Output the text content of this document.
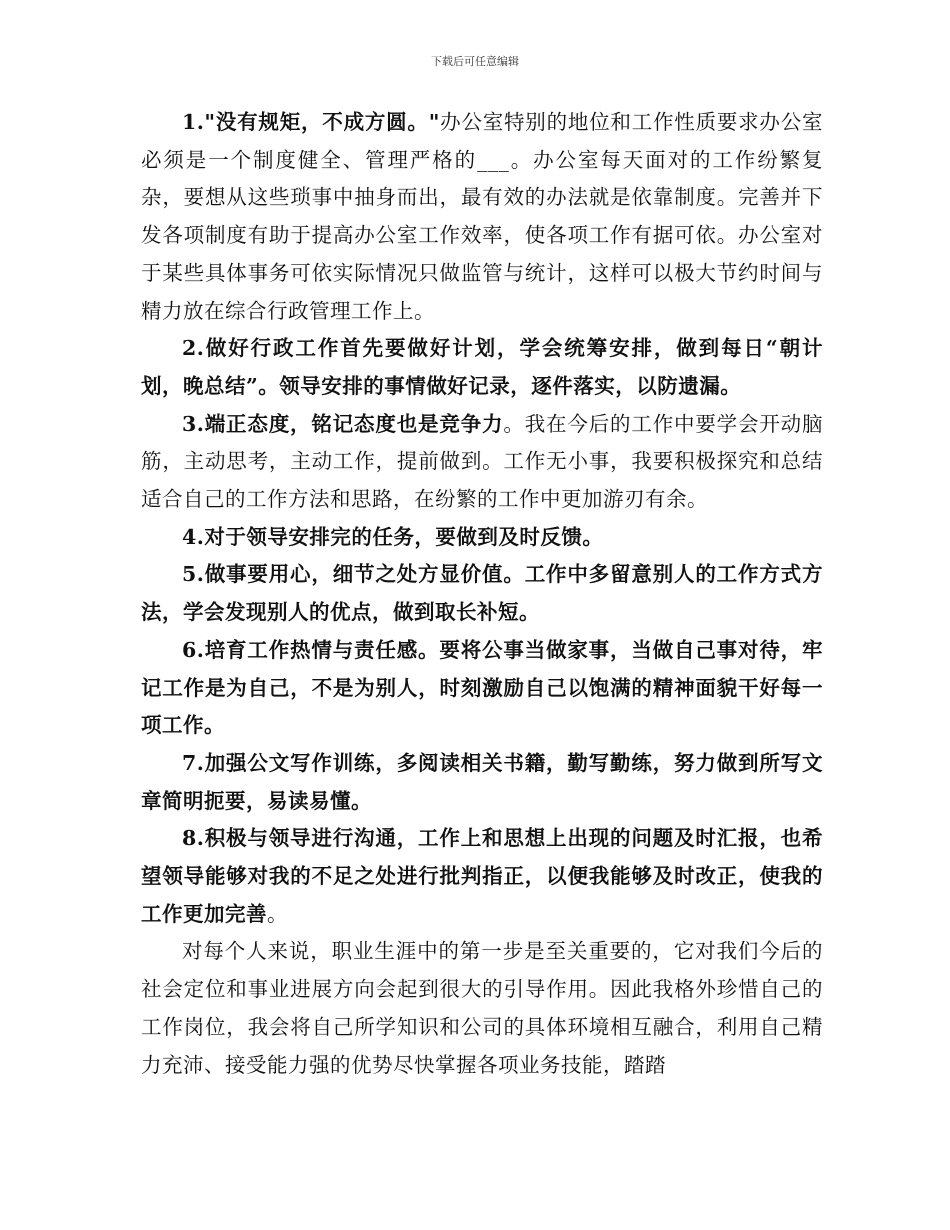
下载后可任意编辑

1."没有规矩，不成方圆。"办公室特别的地位和工作性质要求办公室必须是一个制度健全、管理严格的___。办公室每天面对的工作纷繁复杂，要想从这些琐事中抽身而出，最有效的办法就是依靠制度。完善并下发各项制度有助于提高办公室工作效率，使各项工作有据可依。办公室对于某些具体事务可依实际情况只做监管与统计，这样可以极大节约时间与精力放在综合行政管理工作上。

2.做好行政工作首先要做好计划，学会统筹安排，做到每日“朝计划，晚总结”。领导安排的事情做好记录，逐件落实，以防遗漏。

3.端正态度，铭记态度也是竞争力。我在今后的工作中要学会开动脑筋，主动思考，主动工作，提前做到。工作无小事，我要积极探究和总结适合自己的工作方法和思路，在纷繁的工作中更加游刃有余。

4.对于领导安排完的任务，要做到及时反馈。

5.做事要用心，细节之处方显价值。工作中多留意别人的工作方式方法，学会发现别人的优点，做到取长补短。

6.培育工作热情与责任感。要将公事当做家事，当做自己事对待，牢记工作是为自己，不是为别人，时刻激励自己以饱满的精神面貌干好每一项工作。

7.加强公文写作训练，多阅读相关书籍，勤写勤练，努力做到所写文章简明扼要，易读易懂。

8.积极与领导进行沟通，工作上和思想上出现的问题及时汇报，也希望领导能够对我的不足之处进行批判指正，以便我能够及时改正，使我的工作更加完善。

对每个人来说，职业生涯中的第一步是至关重要的，它对我们今后的社会定位和事业进展方向会起到很大的引导作用。因此我格外珍惜自己的工作岗位，我会将自己所学知识和公司的具体环境相互融合，利用自己精力充沛、接受能力强的优势尽快掌握各项业务技能，踏踏
